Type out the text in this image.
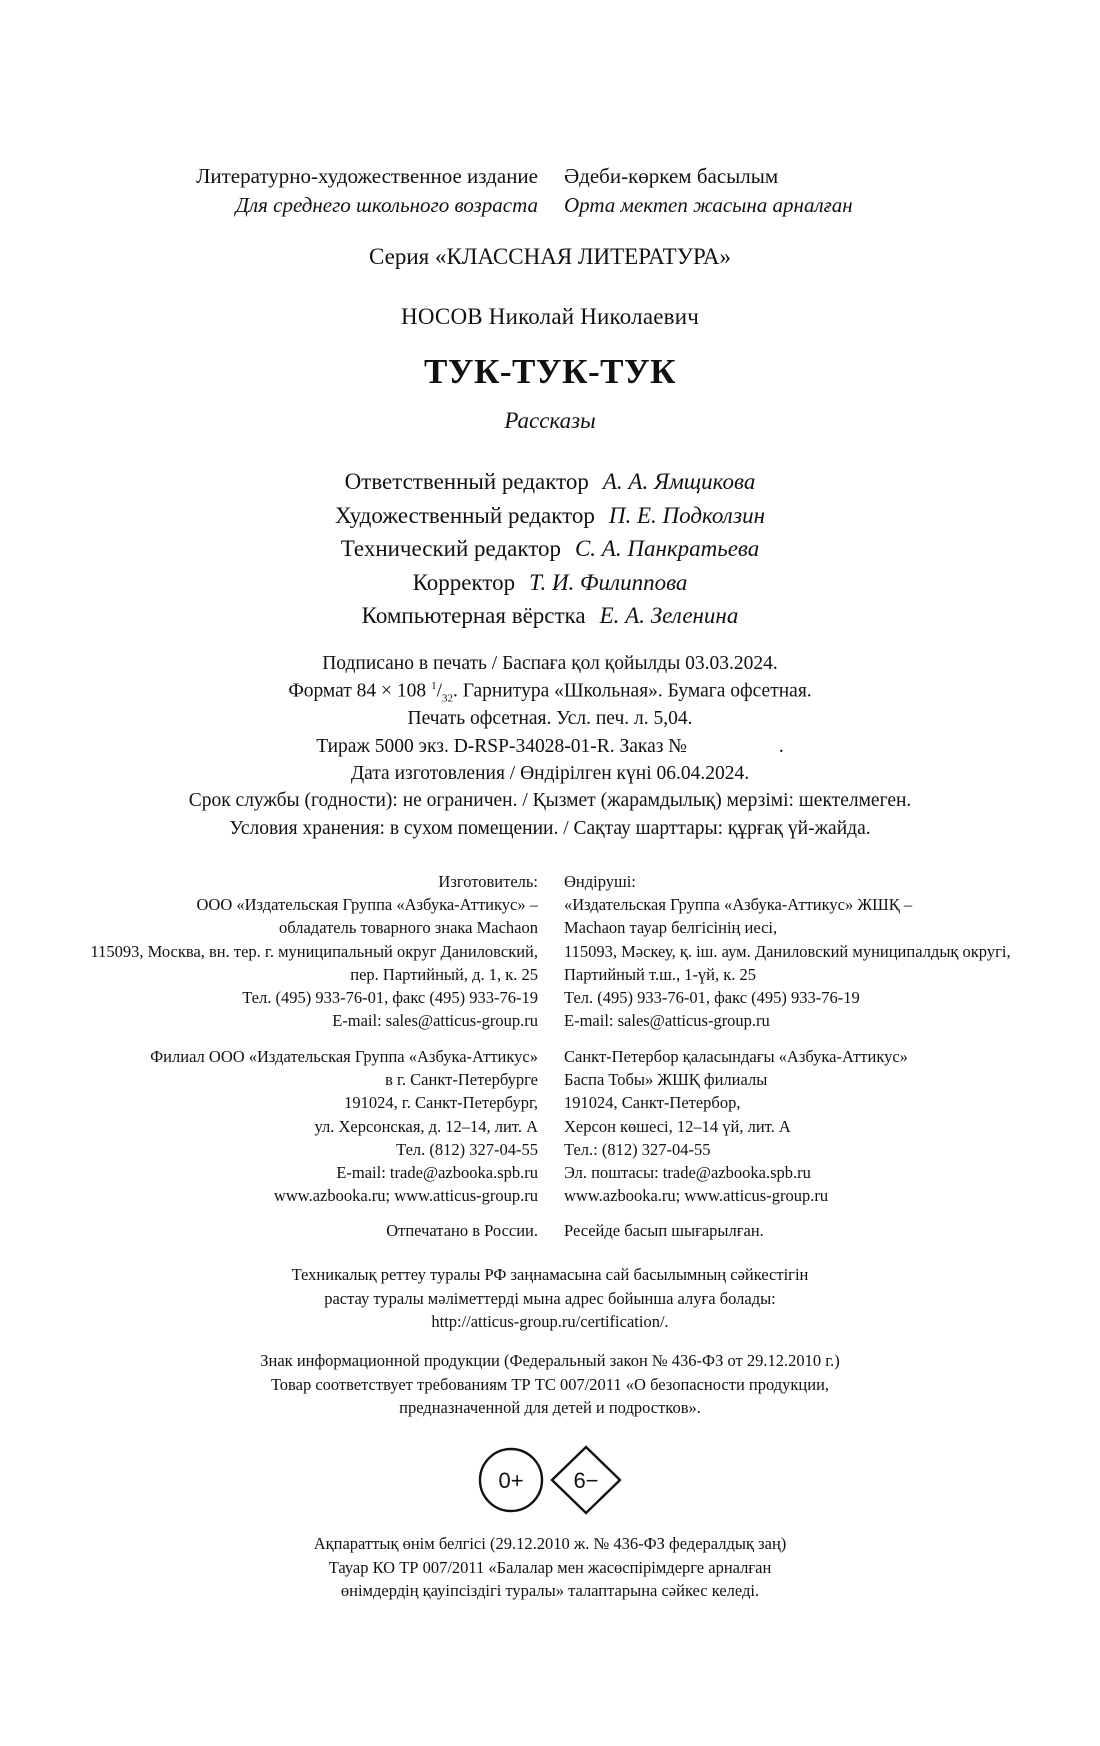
Литературно-художественное издание
Для среднего школьного возраста
Әдеби-көркем басылым
Орта мектеп жасына арналған
Серия «КЛАССНАЯ ЛИТЕРАТУРА»
НОСОВ Николай Николаевич
ТУК-ТУК-ТУК
Рассказы
Ответственный редактор А. А. Ямщикова
Художественный редактор П. Е. Подколзин
Технический редактор С. А. Панкратьева
Корректор Т. И. Филиппова
Компьютерная вёрстка Е. А. Зеленина
Подписано в печать / Баспаға қол қойылды 03.03.2024.
Формат 84 × 108 $^1/_{32}$. Гарнитура «Школьная». Бумага офсетная.
Печать офсетная. Усл. печ. л. 5,04.
Тираж 5000 экз. D-RSP-34028-01-R. Заказ №	.
Дата изготовления / Өндірілген күні 06.04.2024.
Срок службы (годности): не ограничен. / Қызмет (жарамдылық) мерзімі: шектелмеген.
Условия хранения: в сухом помещении. / Сақтау шарттары: құрғақ үй-жайда.
Изготовитель:
ООО «Издательская Группа «Азбука-Аттикус» –
обладатель товарного знака Machaon
115093, Москва, вн. тер. г. муниципальный округ Даниловский,
пер. Партийный, д. 1, к. 25
Тел. (495) 933-76-01, факс (495) 933-76-19
E-mail: sales@atticus-group.ru
Өндіруші:
«Издательская Группа «Азбука-Аттикус» ЖШҚ –
Machaon тауар белгісінің иесі,
115093, Мәскеу, қ. іш. аум. Даниловский муниципалдық округі,
Партийный т.ш., 1-үй, к. 25
Тел. (495) 933-76-01, факс (495) 933-76-19
E-mail: sales@atticus-group.ru
Филиал ООО «Издательская Группа «Азбука-Аттикус»
в г. Санкт-Петербурге
191024, г. Санкт-Петербург,
ул. Херсонская, д. 12–14, лит. А
Тел. (812) 327-04-55
E-mail: trade@azbooka.spb.ru
www.azbooka.ru; www.atticus-group.ru
Санкт-Петербор қаласындағы «Азбука-Аттикус»
Баспа Тобы» ЖШҚ филиалы
191024, Санкт-Петербор,
Херсон көшесі, 12–14 үй, лит. А
Тел.: (812) 327-04-55
Эл. поштасы: trade@azbooka.spb.ru
www.azbooka.ru; www.atticus-group.ru
Отпечатано в России. Ресейде басып шығарылған.
Техникалық реттеу туралы РФ заңнамасына сай басылымның сәйкестігін
растау туралы мәліметтерді мына адрес бойынша алуға болады:
http://atticus-group.ru/certification/.
Знак информационной продукции (Федеральный закон № 436-ФЗ от 29.12.2010 г.)
Товар соответствует требованиям ТР ТС 007/2011 «О безопасности продукции,
предназначенной для детей и подростков».
0+ 6−
Ақпараттық өнім белгісі (29.12.2010 ж. № 436-ФЗ федералдық заң)
Тауар КО ТР 007/2011 «Балалар мен жасөспірімдерге арналған
өнімдердің қауіпсіздігі туралы» талаптарына сәйкес келеді.
